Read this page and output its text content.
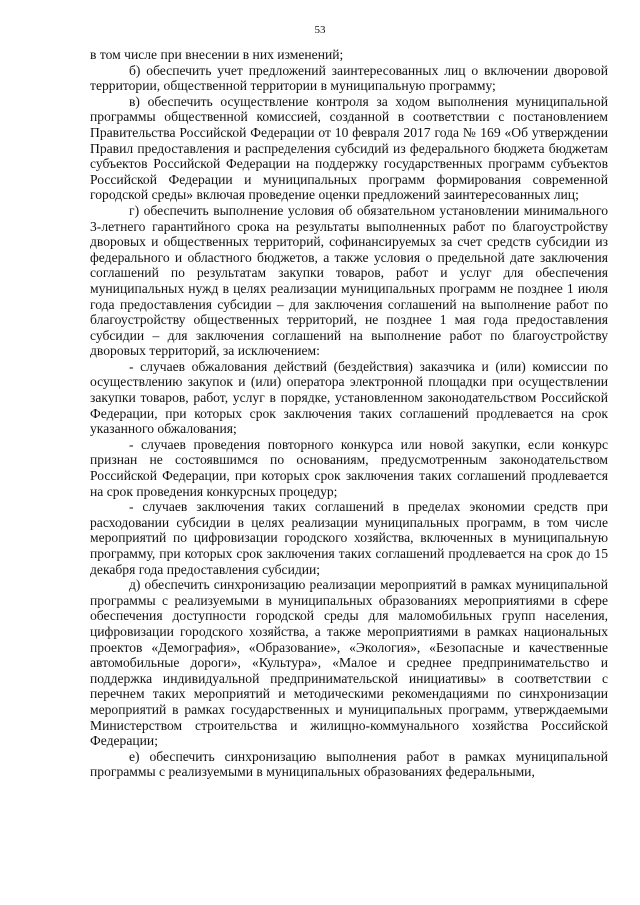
53

в том числе при внесении в них изменений;

б) обеспечить учет предложений заинтересованных лиц о включении дворовой территории, общественной территории в муниципальную программу;

в) обеспечить осуществление контроля за ходом выполнения муниципальной программы общественной комиссией, созданной в соответствии с постановлением Правительства Российской Федерации от 10 февраля 2017 года № 169 «Об утверждении Правил предоставления и распределения субсидий из федерального бюджета бюджетам субъектов Российской Федерации на поддержку государственных программ субъектов Российской Федерации и муниципальных программ формирования современной городской среды» включая проведение оценки предложений заинтересованных лиц;

г) обеспечить выполнение условия об обязательном установлении минимального 3-летнего гарантийного срока на результаты выполненных работ по благоустройству дворовых и общественных территорий, софинансируемых за счет средств субсидии из федерального и областного бюджетов, а также условия о предельной дате заключения соглашений по результатам закупки товаров, работ и услуг для обеспечения муниципальных нужд в целях реализации муниципальных программ не позднее 1 июля года предоставления субсидии – для заключения соглашений на выполнение работ по благоустройству общественных территорий, не позднее 1 мая года предоставления субсидии – для заключения соглашений на выполнение работ по благоустройству дворовых территорий, за исключением:

- случаев обжалования действий (бездействия) заказчика и (или) комиссии по осуществлению закупок и (или) оператора электронной площадки при осуществлении закупки товаров, работ, услуг в порядке, установленном законодательством Российской Федерации, при которых срок заключения таких соглашений продлевается на срок указанного обжалования;

- случаев проведения повторного конкурса или новой закупки, если конкурс признан не состоявшимся по основаниям, предусмотренным законодательством Российской Федерации, при которых срок заключения таких соглашений продлевается на срок проведения конкурсных процедур;

- случаев заключения таких соглашений в пределах экономии средств при расходовании субсидии в целях реализации муниципальных программ, в том числе мероприятий по цифровизации городского хозяйства, включенных в муниципальную программу, при которых срок заключения таких соглашений продлевается на срок до 15 декабря года предоставления субсидии;

д) обеспечить синхронизацию реализации мероприятий в рамках муниципальной программы с реализуемыми в муниципальных образованиях мероприятиями в сфере обеспечения доступности городской среды для маломобильных групп населения, цифровизации городского хозяйства, а также мероприятиями в рамках национальных проектов «Демография», «Образование», «Экология», «Безопасные и качественные автомобильные дороги», «Культура», «Малое и среднее предпринимательство и поддержка индивидуальной предпринимательской инициативы» в соответствии с перечнем таких мероприятий и методическими рекомендациями по синхронизации мероприятий в рамках государственных и муниципальных программ, утверждаемыми Министерством строительства и жилищно-коммунального хозяйства Российской Федерации;

е) обеспечить синхронизацию выполнения работ в рамках муниципальной программы с реализуемыми в муниципальных образованиях федеральными,
